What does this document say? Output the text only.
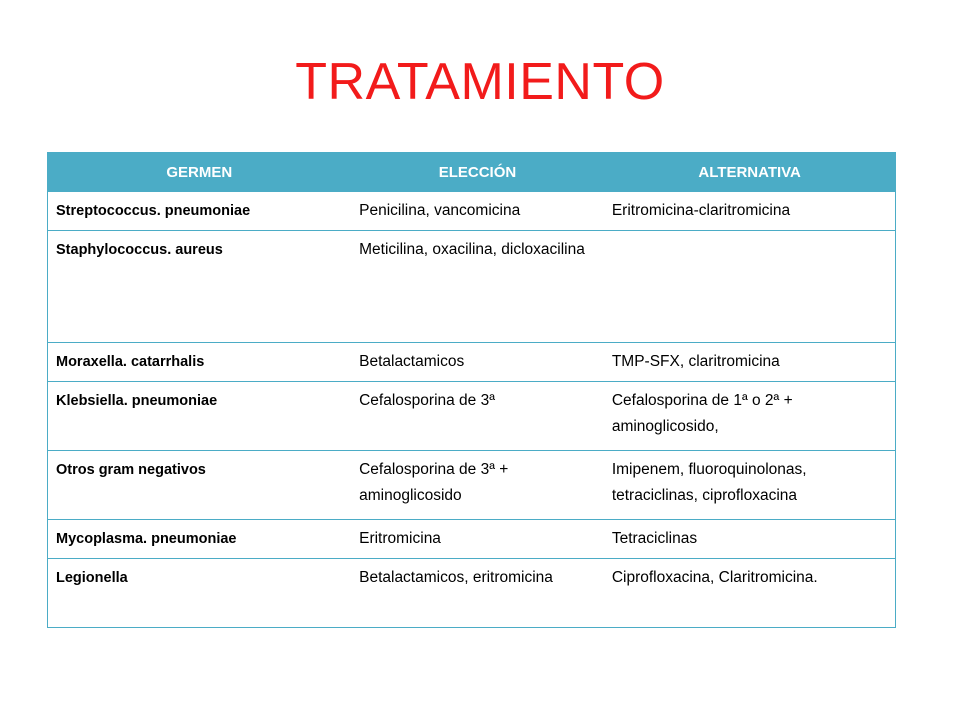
TRATAMIENTO
GERMEN	ELECCIÓN	ALTERNATIVA
Streptococcus. pneumoniae	Penicilina, vancomicina	Eritromicina-claritromicina
Staphylococcus. aureus	Meticilina, oxacilina, dicloxacilina	
Moraxella. catarrhalis	Betalactamicos	TMP-SFX, claritromicina
Klebsiella. pneumoniae	Cefalosporina de 3ª	Cefalosporina de 1ª o 2ª + aminoglicosido,
Otros gram negativos	Cefalosporina de 3ª + aminoglicosido	Imipenem, fluoroquinolonas, tetraciclinas, ciprofloxacina
Mycoplasma. pneumoniae	Eritromicina	Tetraciclinas
Legionella	Betalactamicos, eritromicina	Ciprofloxacina, Claritromicina.
